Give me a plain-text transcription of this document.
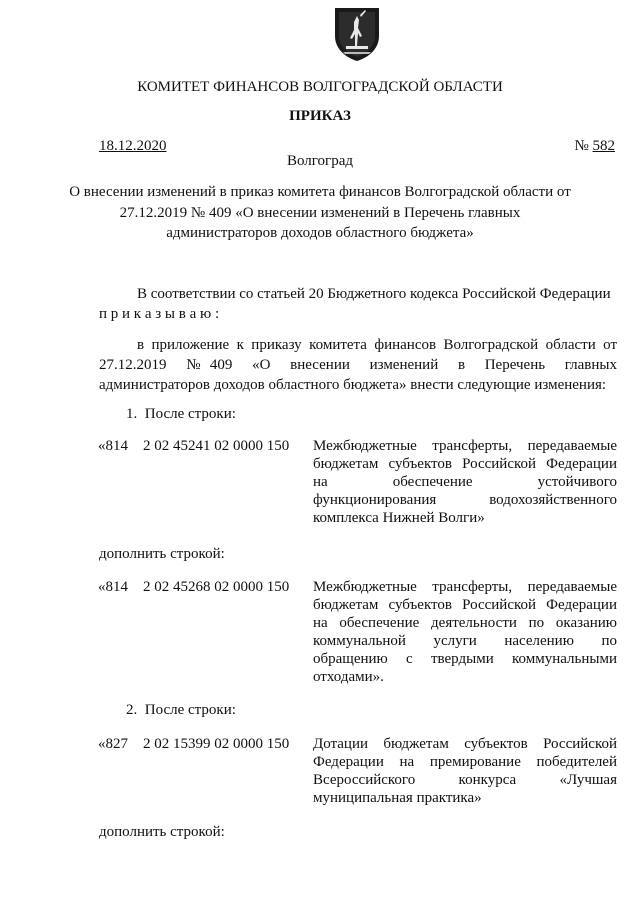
КОМИТЕТ ФИНАНСОВ ВОЛГОГРАДСКОЙ ОБЛАСТИ
ПРИКАЗ
18.12.2020	№ 582
Волгоград
О внесении изменений в приказ комитета финансов Волгоградской области от
27.12.2019 № 409 «О внесении изменений в Перечень главных
администраторов доходов областного бюджета»
В соответствии со статьей 20 Бюджетного кодекса Российской Федерации
п р и к а з ы в а ю :
в приложение к приказу комитета финансов Волгоградской области от
27.12.2019   № 409   «О   внесении   изменений   в   Перечень   главных
администраторов доходов областного бюджета» внести следующие изменения:
1.  После строки:
«814    2 02 45241 02 0000 150 Межбюджетные трансферты, передаваемые
бюджетам субъектов Российской Федерации
на обеспечение устойчивого
функционирования водохозяйственного
комплекса Нижней Волги»
дополнить строкой:
«814    2 02 45268 02 0000 150 Межбюджетные трансферты, передаваемые
бюджетам субъектов Российской Федерации
на обеспечение деятельности по оказанию
коммунальной услуги населению по
обращению с твердыми коммунальными
отходами».
2.  После строки:
«827    2 02 15399 02 0000 150 Дотации бюджетам субъектов Российской
Федерации на премирование победителей
Всероссийского конкурса «Лучшая
муниципальная практика»
дополнить строкой:
